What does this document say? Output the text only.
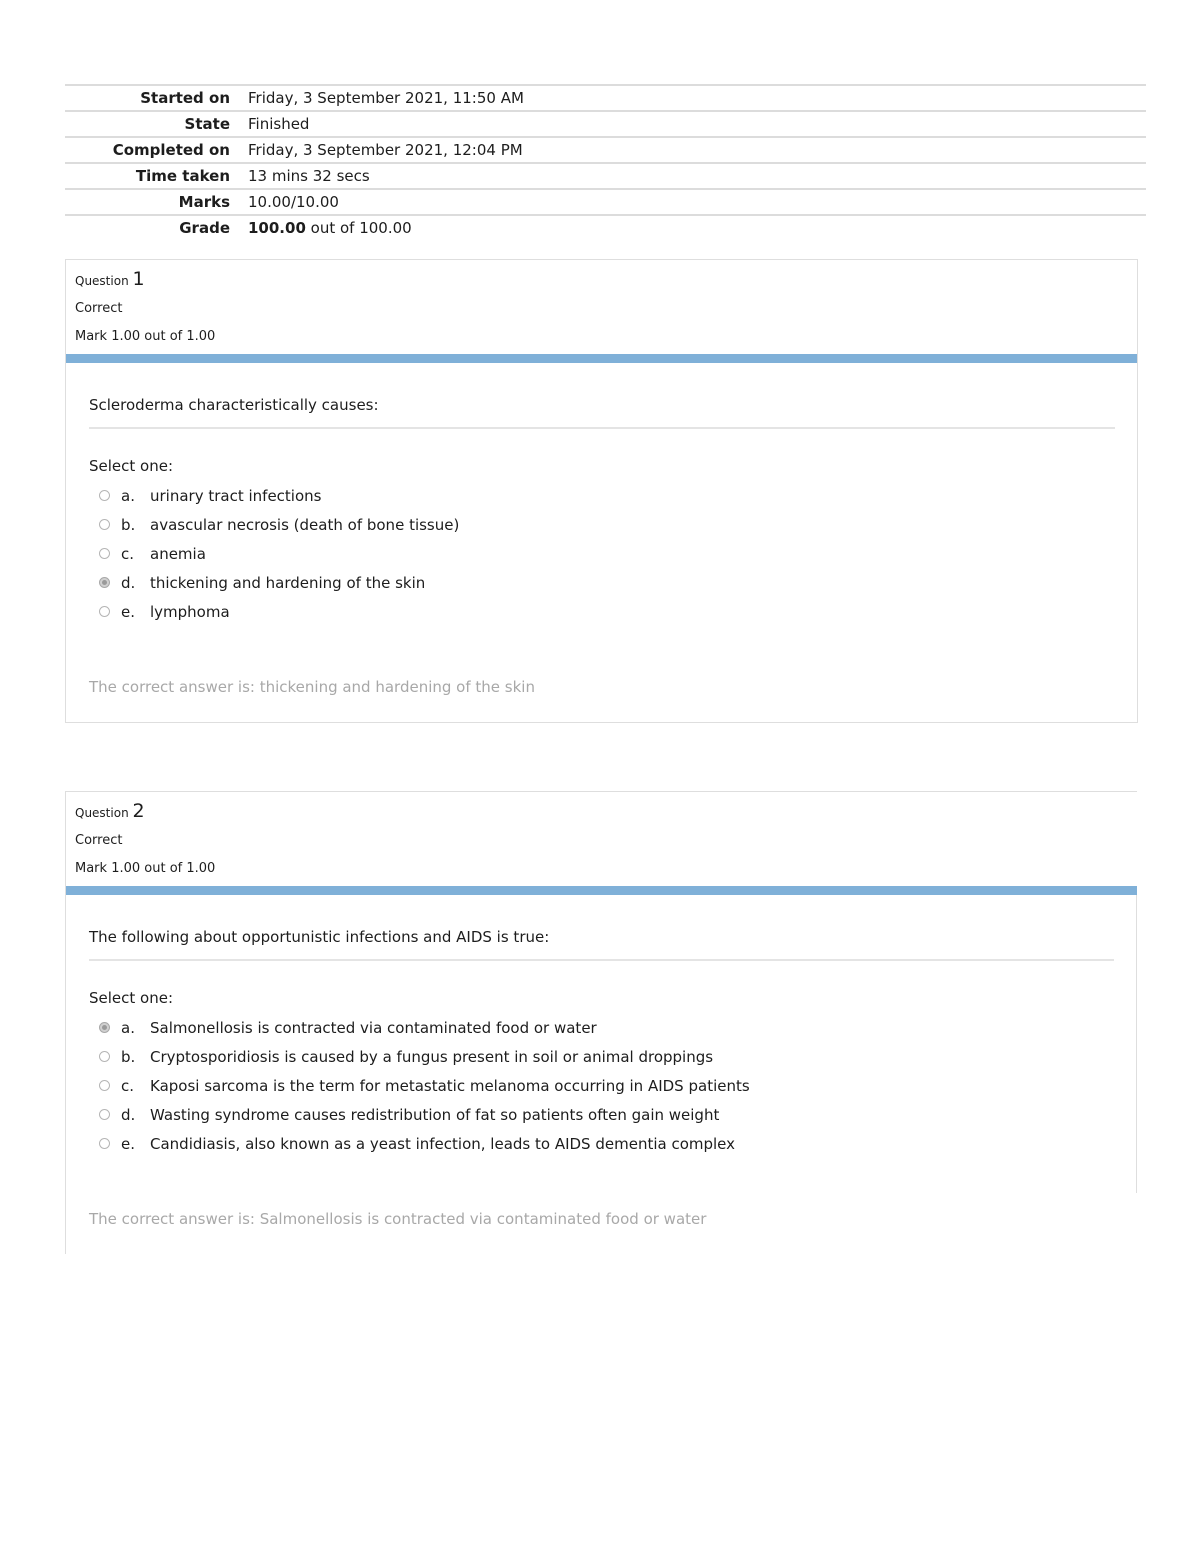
Started on Friday, 3 September 2021, 11:50 AM
State Finished
Completed on Friday, 3 September 2021, 12:04 PM
Time taken 13 mins 32 secs
Marks 10.00/10.00
Grade 100.00 out of 100.00
Question 1
Correct
Mark 1.00 out of 1.00
Scleroderma characteristically causes:
Select one:
a.	urinary tract infections
b. avascular necrosis (death of bone tissue)
c.	anemia
d. thickening and hardening of the skin
e.	lymphoma
The correct answer is: thickening and hardening of the skin
Question 2
Correct
Mark 1.00 out of 1.00
The following about opportunistic infections and AIDS is true:
Select one:
a.	Salmonellosis is contracted via contaminated food or water
b. Cryptosporidiosis is caused by a fungus present in soil or animal droppings
c.	Kaposi sarcoma is the term for metastatic melanoma occurring in AIDS patients
d. Wasting syndrome causes redistribution of fat so patients often gain weight
e.	Candidiasis, also known as a yeast infection, leads to AIDS dementia complex
The correct answer is: Salmonellosis is contracted via contaminated food or water
